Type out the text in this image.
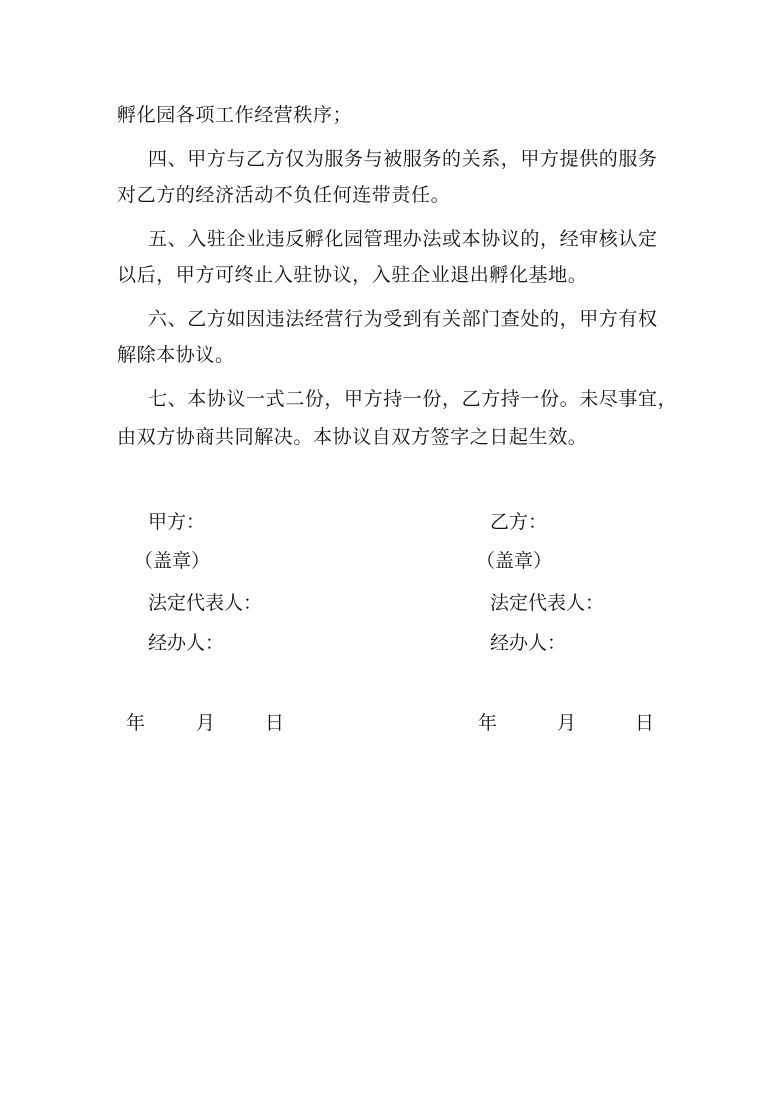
孵化园各项工作经营秩序；
四、甲方与乙方仅为服务与被服务的关系，甲方提供的服务
对乙方的经济活动不负任何连带责任。
五、入驻企业违反孵化园管理办法或本协议的，经审核认定
以后，甲方可终止入驻协议，入驻企业退出孵化基地。
六、乙方如因违法经营行为受到有关部门查处的，甲方有权
解除本协议。
七、本协议一式二份，甲方持一份，乙方持一份。未尽事宜，
由双方协商共同解决。本协议自双方签字之日起生效。
甲方：
（盖章）
法定代表人：
经办人：
乙方：
（盖章）
法定代表人：
经办人：
年	月	日	年	月	日
